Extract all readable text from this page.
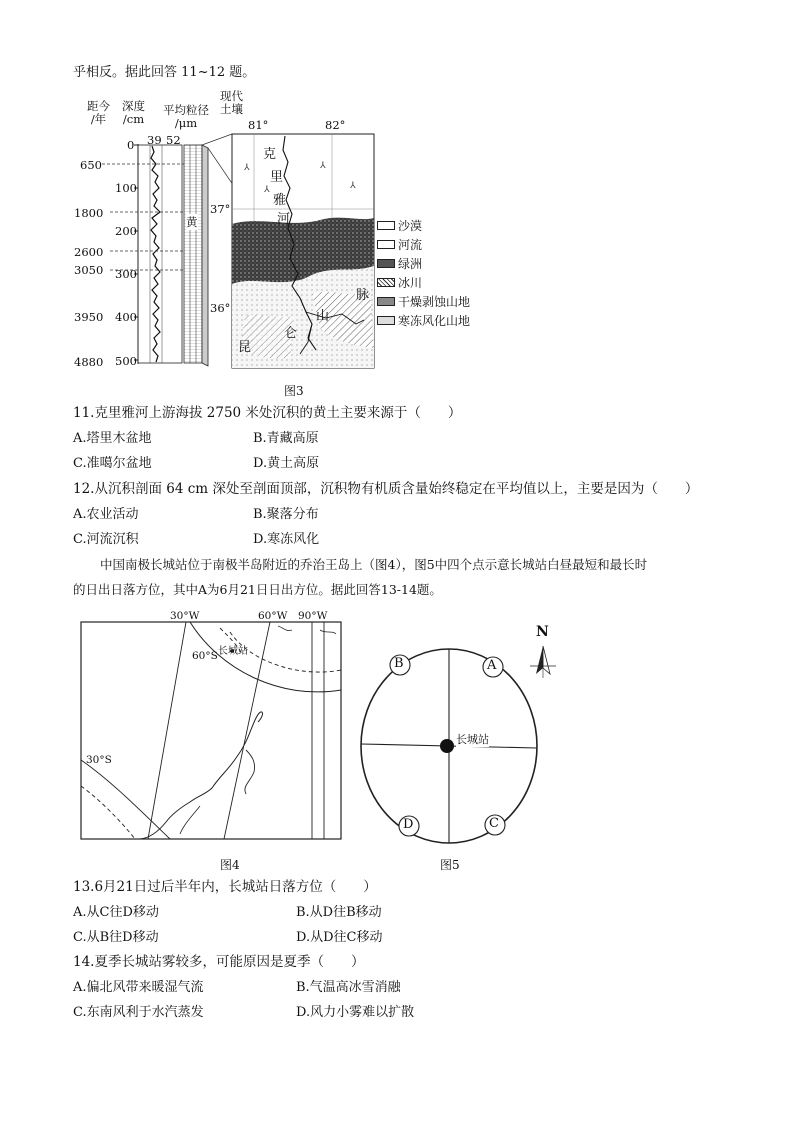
乎相反。据此回答 11~12 题。
⅄
⅄	⅄
⅄
距今
/年
深度
/cm
平均粒径
/μm
现代
土壤
39 52
650
1800
2600
3050
3950
4880
0
100
200
300
400
500
黄
81°	82°
37°
36°
克
里
雅
河
仑
山
昆
脉
沙漠
河流
绿洲
冰川
干燥剥蚀山地
寒冻风化山地
图3
11.克里雅河上游海拔 2750 米处沉积的黄土主要来源于（　　）
A.塔里木盆地	B.青藏高原
C.准噶尔盆地	D.黄土高原
12.从沉积剖面 64 cm 深处至剖面顶部，沉积物有机质含量始终稳定在平均值以上，主要是因为（　　）
A.农业活动	B.聚落分布
C.河流沉积	D.寒冻风化
中国南极长城站位于南极半岛附近的乔治王岛上（图4），图5中四个点示意长城站白昼最短和最长时
的日出日落方位，其中A为6月21日日出方位。据此回答13-14题。
30°W	60°W 90°W
60°S
30°S
长城站
图4
B	A
D	C
长城站
N
图5
13.6月21日过后半年内，长城站日落方位（　　）
A.从C往D移动	B.从D往B移动
C.从B往D移动	D.从D往C移动
14.夏季长城站雾较多，可能原因是夏季（　　）
A.偏北风带来暖湿气流	B.气温高冰雪消融
C.东南风利于水汽蒸发	D.风力小雾难以扩散
